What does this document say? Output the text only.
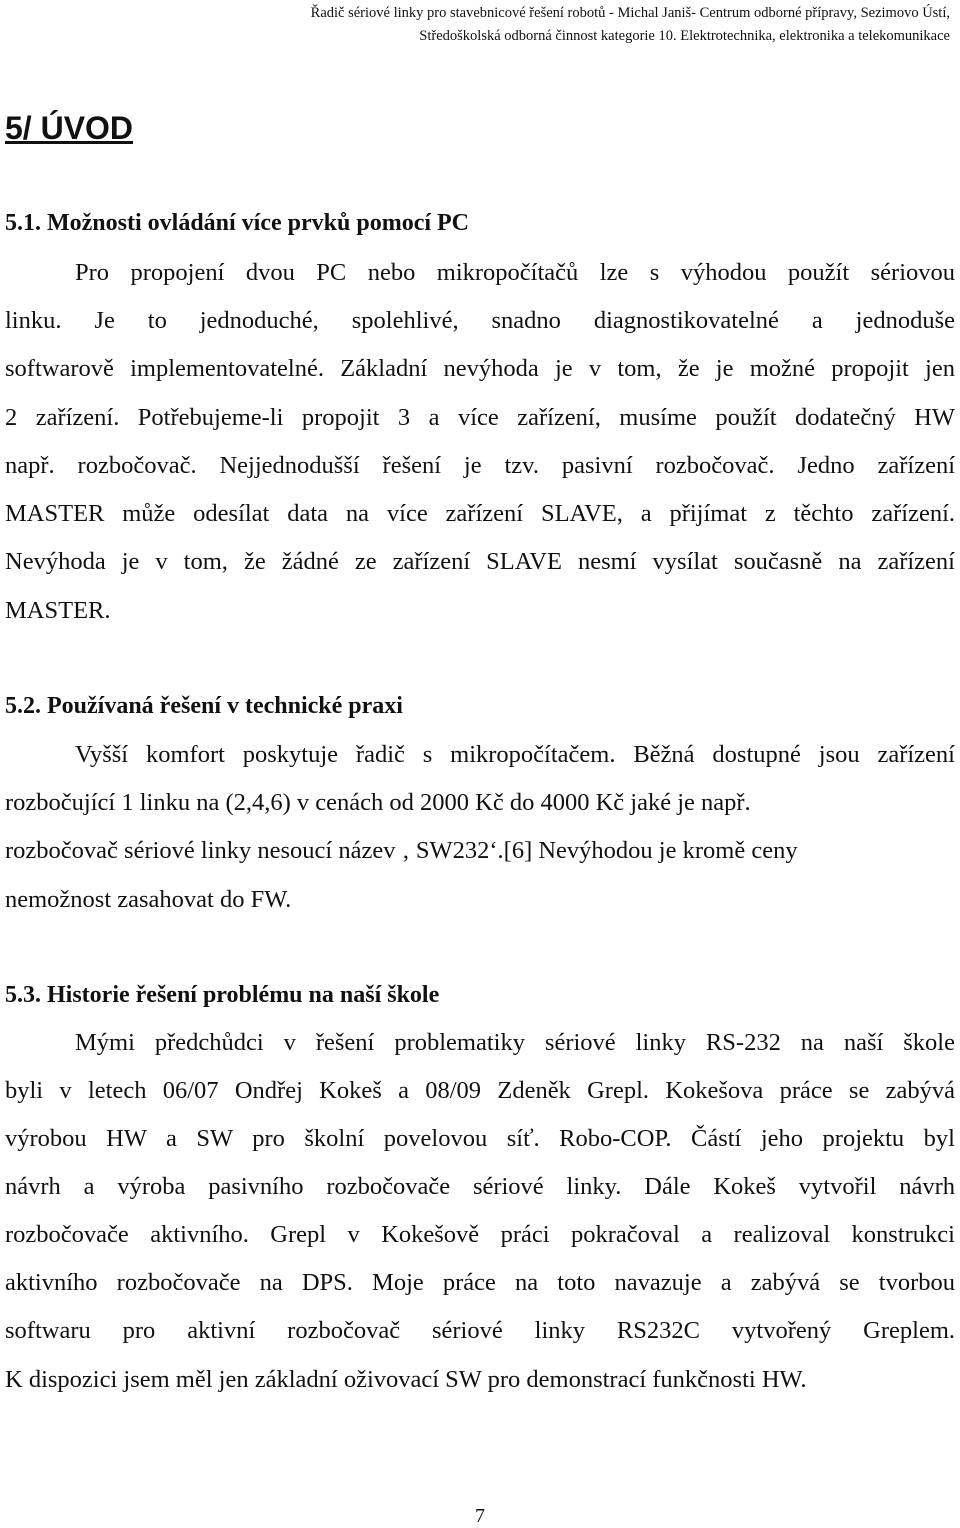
Řadič sériové linky pro stavebnicové řešení robotů - Michal Janiš- Centrum odborné přípravy, Sezimovo Ústí,
Středoškolská odborná činnost kategorie 10. Elektrotechnika, elektronika a telekomunikace
5/ ÚVOD
5.1. Možnosti ovládání více prvků pomocí PC
Pro propojení dvou PC nebo mikropočítačů lze s výhodou použít sériovou
linku. Je to jednoduché, spolehlivé, snadno diagnostikovatelné a jednoduše
softwarově implementovatelné. Základní nevýhoda je v tom, že je možné propojit jen
2 zařízení. Potřebujeme-li propojit 3 a více zařízení, musíme použít dodatečný HW
např. rozbočovač. Nejjednodušší řešení je tzv. pasivní rozbočovač. Jedno zařízení
MASTER může odesílat data na více zařízení SLAVE, a přijímat z těchto zařízení.
Nevýhoda je v tom, že žádné ze zařízení SLAVE nesmí vysílat současně na zařízení
MASTER.
5.2. Používaná řešení v technické praxi
Vyšší komfort poskytuje řadič s mikropočítačem. Běžná dostupné jsou zařízení
rozbočující 1 linku na (2,4,6) v cenách od 2000 Kč do 4000 Kč jaké je např.
rozbočovač sériové linky nesoucí název ‚ SW232‘.[6] Nevýhodou je kromě ceny
nemožnost zasahovat do FW.
5.3. Historie řešení problému na naší škole
Mými předchůdci v řešení problematiky sériové linky RS-232 na naší škole
byli v letech 06/07 Ondřej Kokeš a 08/09 Zdeněk Grepl. Kokešova práce se zabývá
výrobou HW a SW pro školní povelovou síť. Robo-COP. Částí jeho projektu byl
návrh a výroba pasivního rozbočovače sériové linky. Dále Kokeš vytvořil návrh
rozbočovače aktivního. Grepl v Kokešově práci pokračoval a realizoval konstrukci
aktivního rozbočovače na DPS. Moje práce na toto navazuje a zabývá se tvorbou
softwaru pro aktivní rozbočovač sériové linky RS232C vytvořený Greplem.
K dispozici jsem měl jen základní oživovací SW pro demonstrací funkčnosti HW.
7
